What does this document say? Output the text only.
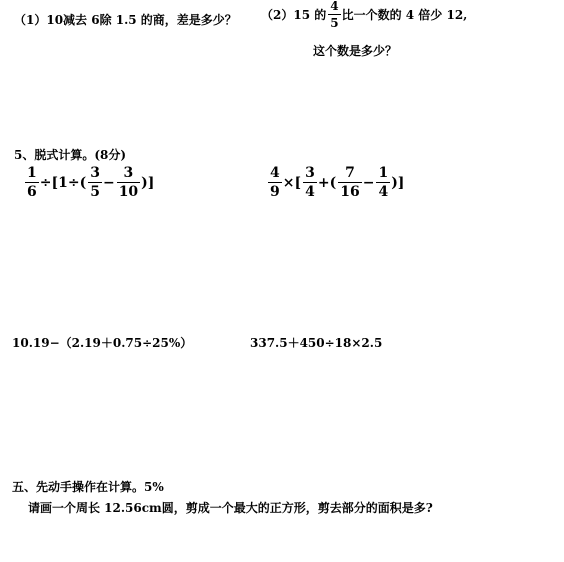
（1）10减去 6除 1.5 的商，差是多少？ （2）15 的 $\frac{4}{5}$ 比一个数的 4 倍少 12,
这个数是多少？
5、脱式计算。(8分)
$\frac{1}{6} \div[1\div( \frac{3}{5} - \frac{3}{10}$ )]	$\frac{4}{9}$ ×[ $\frac{3}{4}$ +( $\frac{7}{16} - \frac{1}{4}$ )]
10.19−（2.19＋0.75÷25%）	337.5＋450÷18×2.5
五、先动手操作在计算。5%
请画一个周长 12.56cm圆，剪成一个最大的正方形，剪去部分的面积是多?
